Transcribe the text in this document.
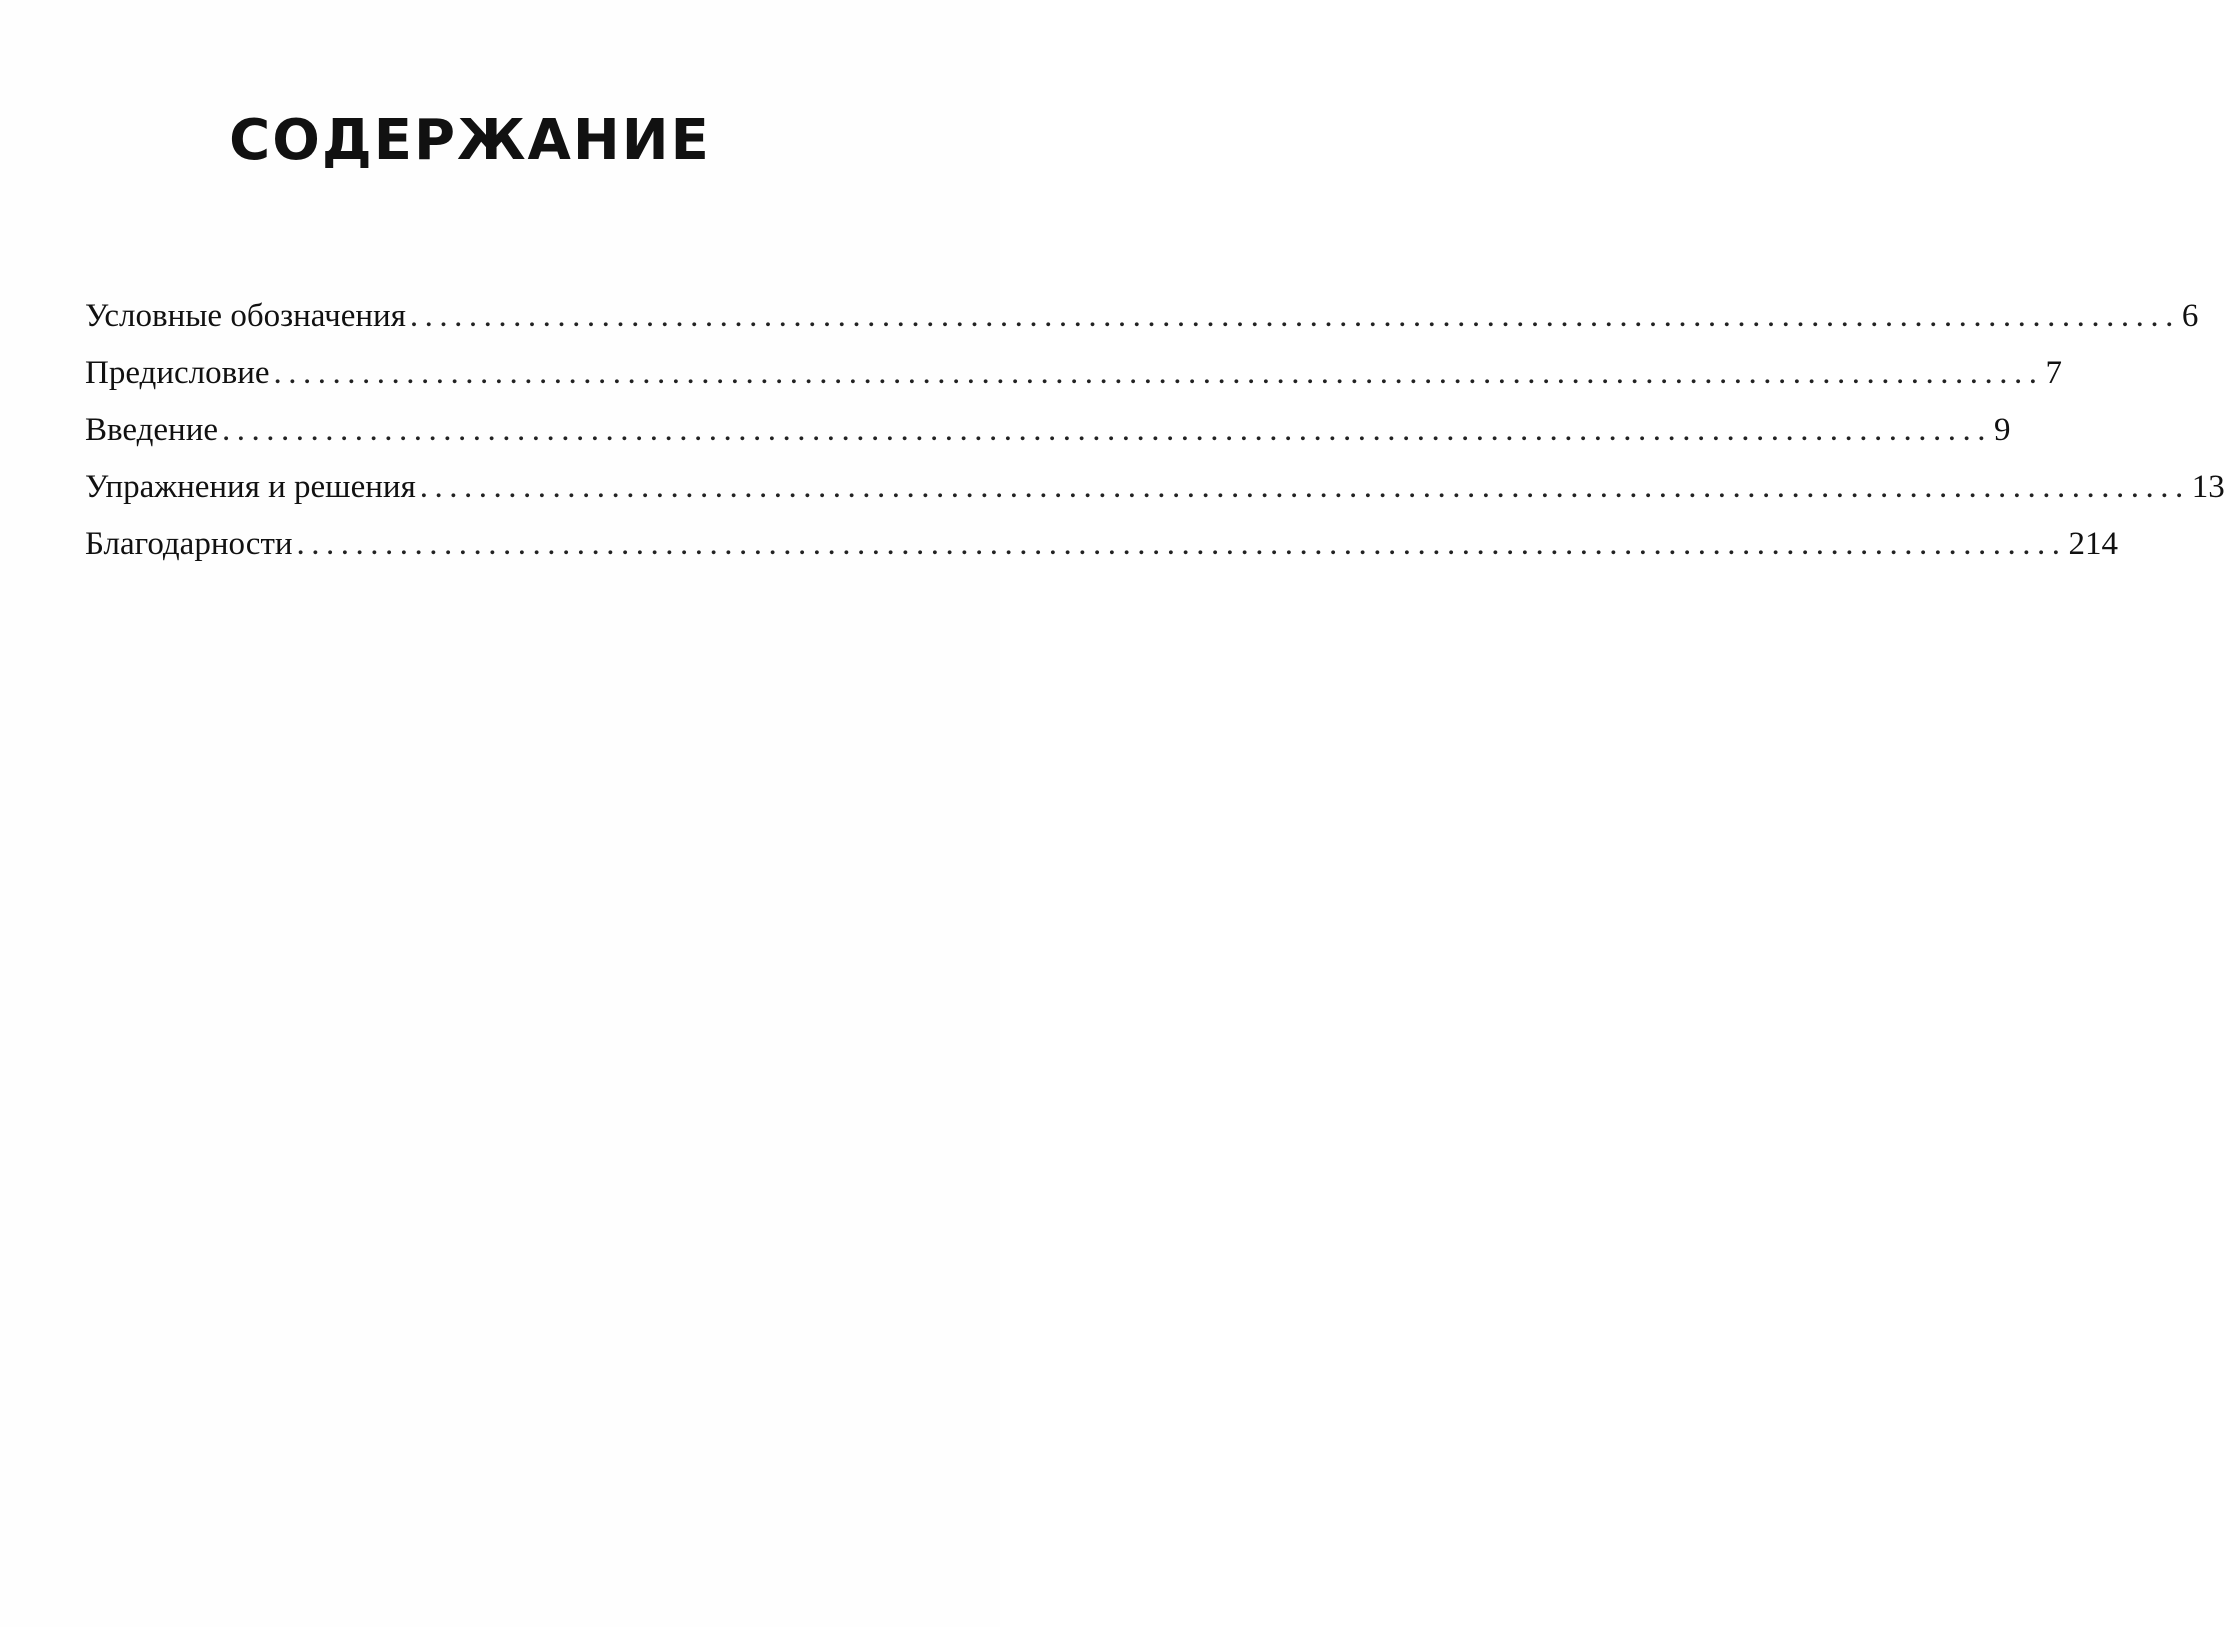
СОДЕРЖАНИЕ
Условные обозначения ........................................................................................................................ 6
Предисловие ........................................................................................................................ 7
Введение ........................................................................................................................ 9
Упражнения и решения ........................................................................................................................ 13
Благодарности ........................................................................................................................ 214
